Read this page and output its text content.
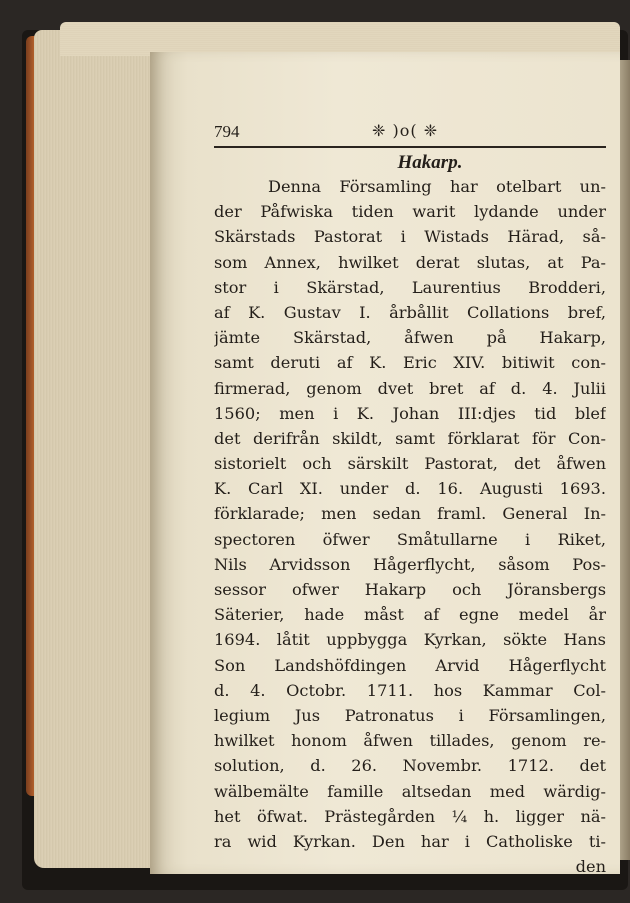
794	❈ )o( ❈
Hakarp.
Denna Församling har otelbart un-
der Påfwiska tiden warit lydande under
Skärstads Pastorat i Wistads Härad, så-
som Annex, hwilket derat slutas, at Pa-
stor i Skärstad, Laurentius Brodderi,
af K. Gustav I. årbållit Collations bref,
jämte Skärstad, åfwen på Hakarp,
samt deruti af K. Eric XIV. bitiwit con-
firmerad, genom dvet bret af d. 4. Julii
1560; men i K. Johan III:djes tid blef
det derifrån skildt, samt förklarat för Con-
sistorielt och särskilt Pastorat, det åfwen
K. Carl XI. under d. 16. Augusti 1693.
förklarade; men sedan framl. General In-
spectoren öfwer Småtullarne i Riket,
Nils Arvidsson Hågerflycht, såsom Pos-
sessor ofwer Hakarp och Jöransbergs
Säterier, hade måst af egne medel år
1694. låtit uppbygga Kyrkan, sökte Hans
Son Landshöfdingen Arvid Hågerflycht
d. 4. Octobr. 1711. hos Kammar Col-
legium Jus Patronatus i Församlingen,
hwilket honom åfwen tillades, genom re-
solution, d. 26. Novembr. 1712. det
wälbemälte famille altsedan med wärdig-
het öfwat. Prästegården ¼ h. ligger nä-
ra wid Kyrkan. Den har i Catholiske ti-
den
